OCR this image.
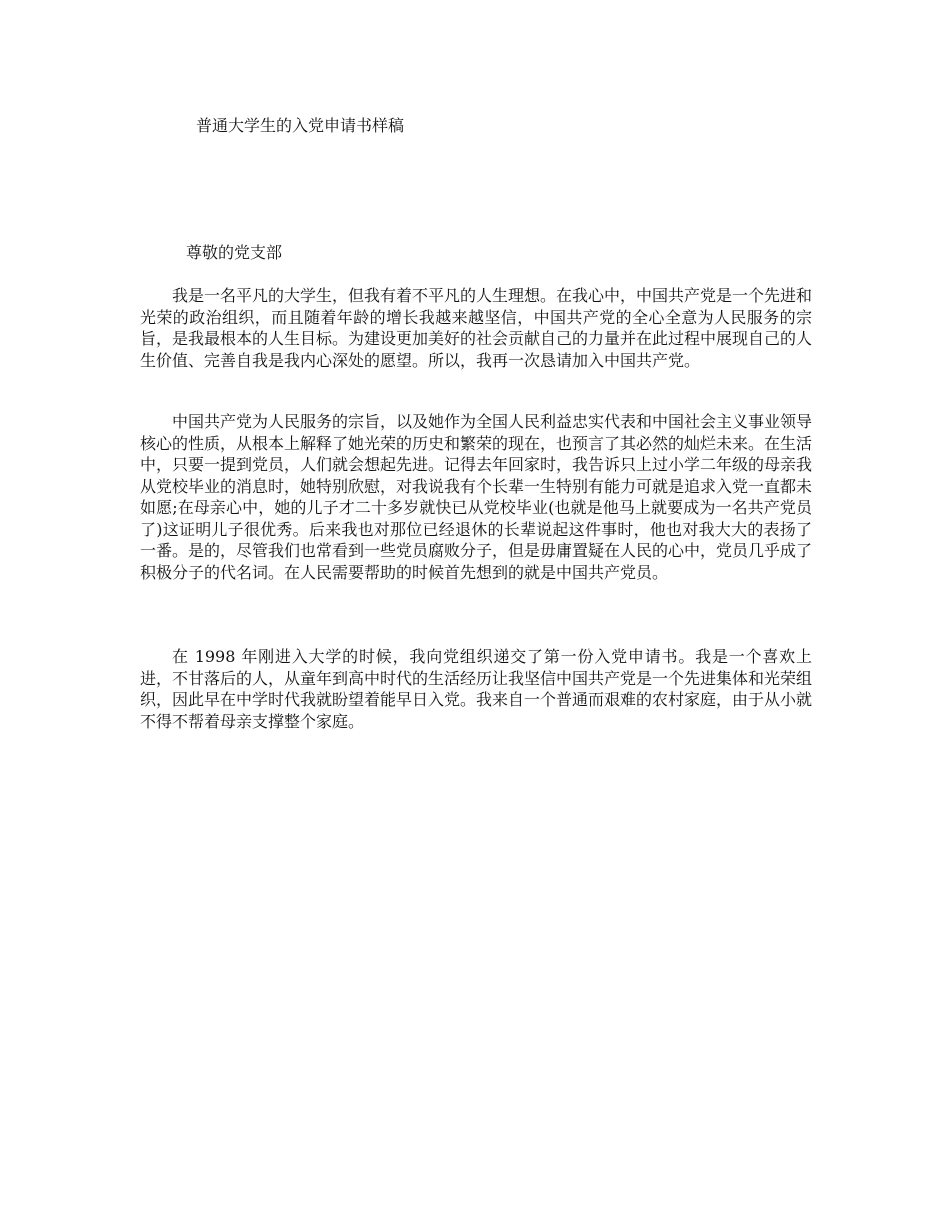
普通大学生的入党申请书样稿

尊敬的党支部

我是一名平凡的大学生，但我有着不平凡的人生理想。在我心中，中国共产党是一个先进和光荣的政治组织，而且随着年龄的增长我越来越坚信，中国共产党的全心全意为人民服务的宗旨，是我最根本的人生目标。为建设更加美好的社会贡献自己的力量并在此过程中展现自己的人生价值、完善自我是我内心深处的愿望。所以，我再一次恳请加入中国共产党。

中国共产党为人民服务的宗旨，以及她作为全国人民利益忠实代表和中国社会主义事业领导核心的性质，从根本上解释了她光荣的历史和繁荣的现在，也预言了其必然的灿烂未来。在生活中，只要一提到党员，人们就会想起先进。记得去年回家时，我告诉只上过小学二年级的母亲我从党校毕业的消息时，她特别欣慰，对我说我有个长辈一生特别有能力可就是追求入党一直都未如愿;在母亲心中，她的儿子才二十多岁就快已从党校毕业(也就是他马上就要成为一名共产党员了)这证明儿子很优秀。后来我也对那位已经退休的长辈说起这件事时，他也对我大大的表扬了一番。是的，尽管我们也常看到一些党员腐败分子，但是毋庸置疑在人民的心中，党员几乎成了积极分子的代名词。在人民需要帮助的时候首先想到的就是中国共产党员。

在 1998 年刚进入大学的时候，我向党组织递交了第一份入党申请书。我是一个喜欢上进，不甘落后的人，从童年到高中时代的生活经历让我坚信中国共产党是一个先进集体和光荣组织，因此早在中学时代我就盼望着能早日入党。我来自一个普通而艰难的农村家庭，由于从小就不得不帮着母亲支撑整个家庭。
